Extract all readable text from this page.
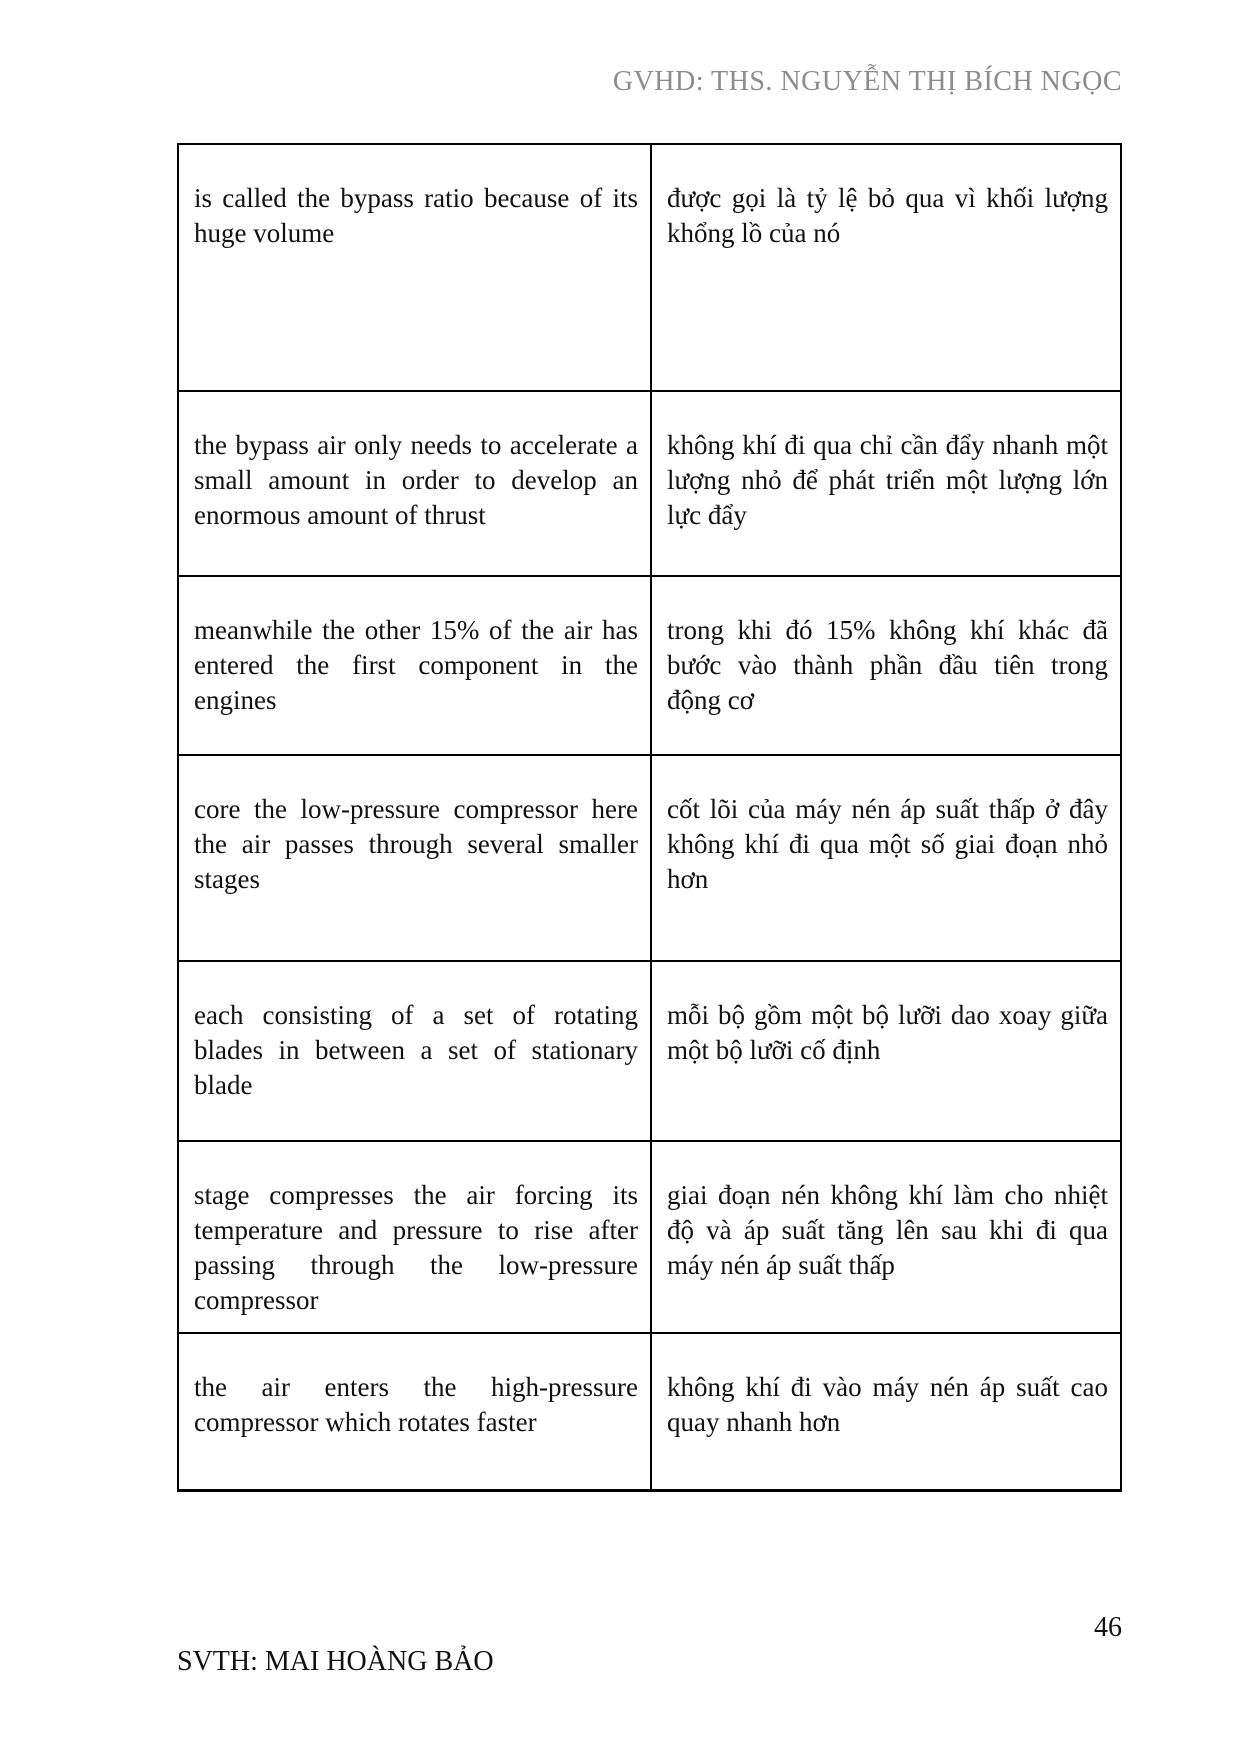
GVHD: THS. NGUYỄN THỊ BÍCH NGỌC
is called the bypass ratio because of its huge volume
được gọi là tỷ lệ bỏ qua vì khối lượng khổng lồ của nó
the bypass air only needs to accelerate a small amount in order to develop an enormous amount of thrust
không khí đi qua chỉ cần đẩy nhanh một lượng nhỏ để phát triển một lượng lớn lực đẩy
meanwhile the other 15% of the air has entered the first component in the engines
trong khi đó 15% không khí khác đã bước vào thành phần đầu tiên trong động cơ
core the low-pressure compressor here the air passes through several smaller stages
cốt lõi của máy nén áp suất thấp ở đây không khí đi qua một số giai đoạn nhỏ hơn
each consisting of a set of rotating blades in between a set of stationary blade
mỗi bộ gồm một bộ lưỡi dao xoay giữa một bộ lưỡi cố định
stage compresses the air forcing its temperature and pressure to rise after passing through the low-pressure compressor
giai đoạn nén không khí làm cho nhiệt độ và áp suất tăng lên sau khi đi qua máy nén áp suất thấp
the air enters the high-pressure compressor which rotates faster
không khí đi vào máy nén áp suất cao quay nhanh hơn
SVTH: MAI HOÀNG BẢO
46
